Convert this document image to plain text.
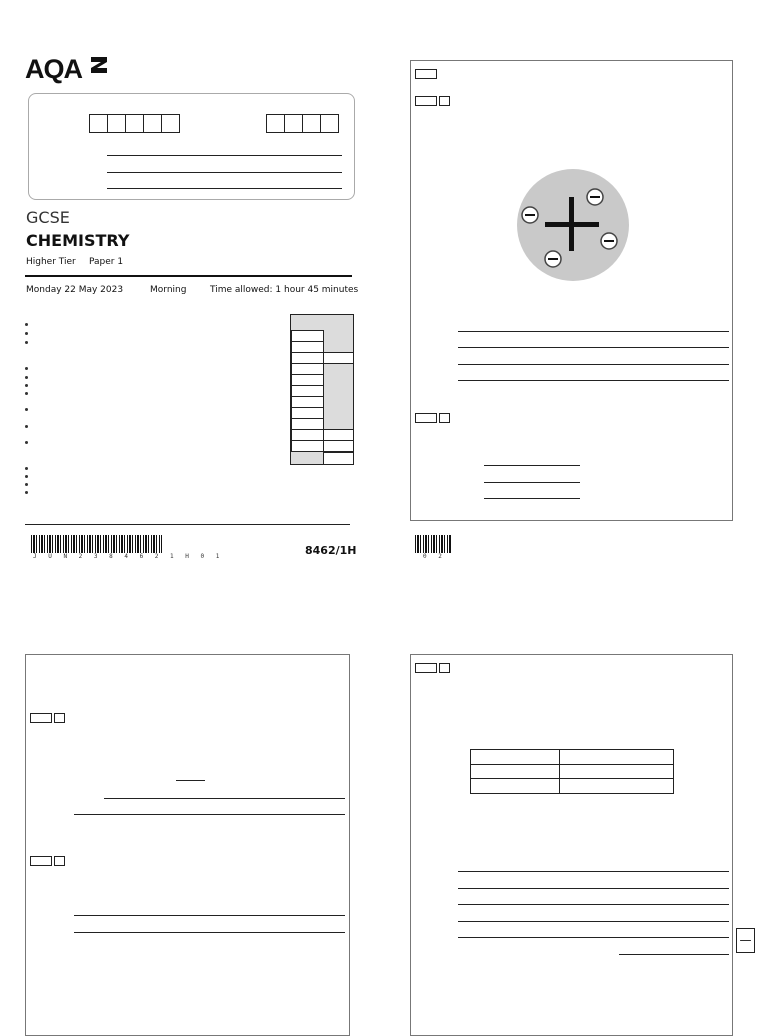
AQA
GCSE
CHEMISTRY
Higher Tier Paper 1
Monday 22 May 2023	Morning	Time allowed: 1 hour 45 minutes
J U N 2 3 8 4 6 2 1 H 0 1	8462/1H	0 2
—
